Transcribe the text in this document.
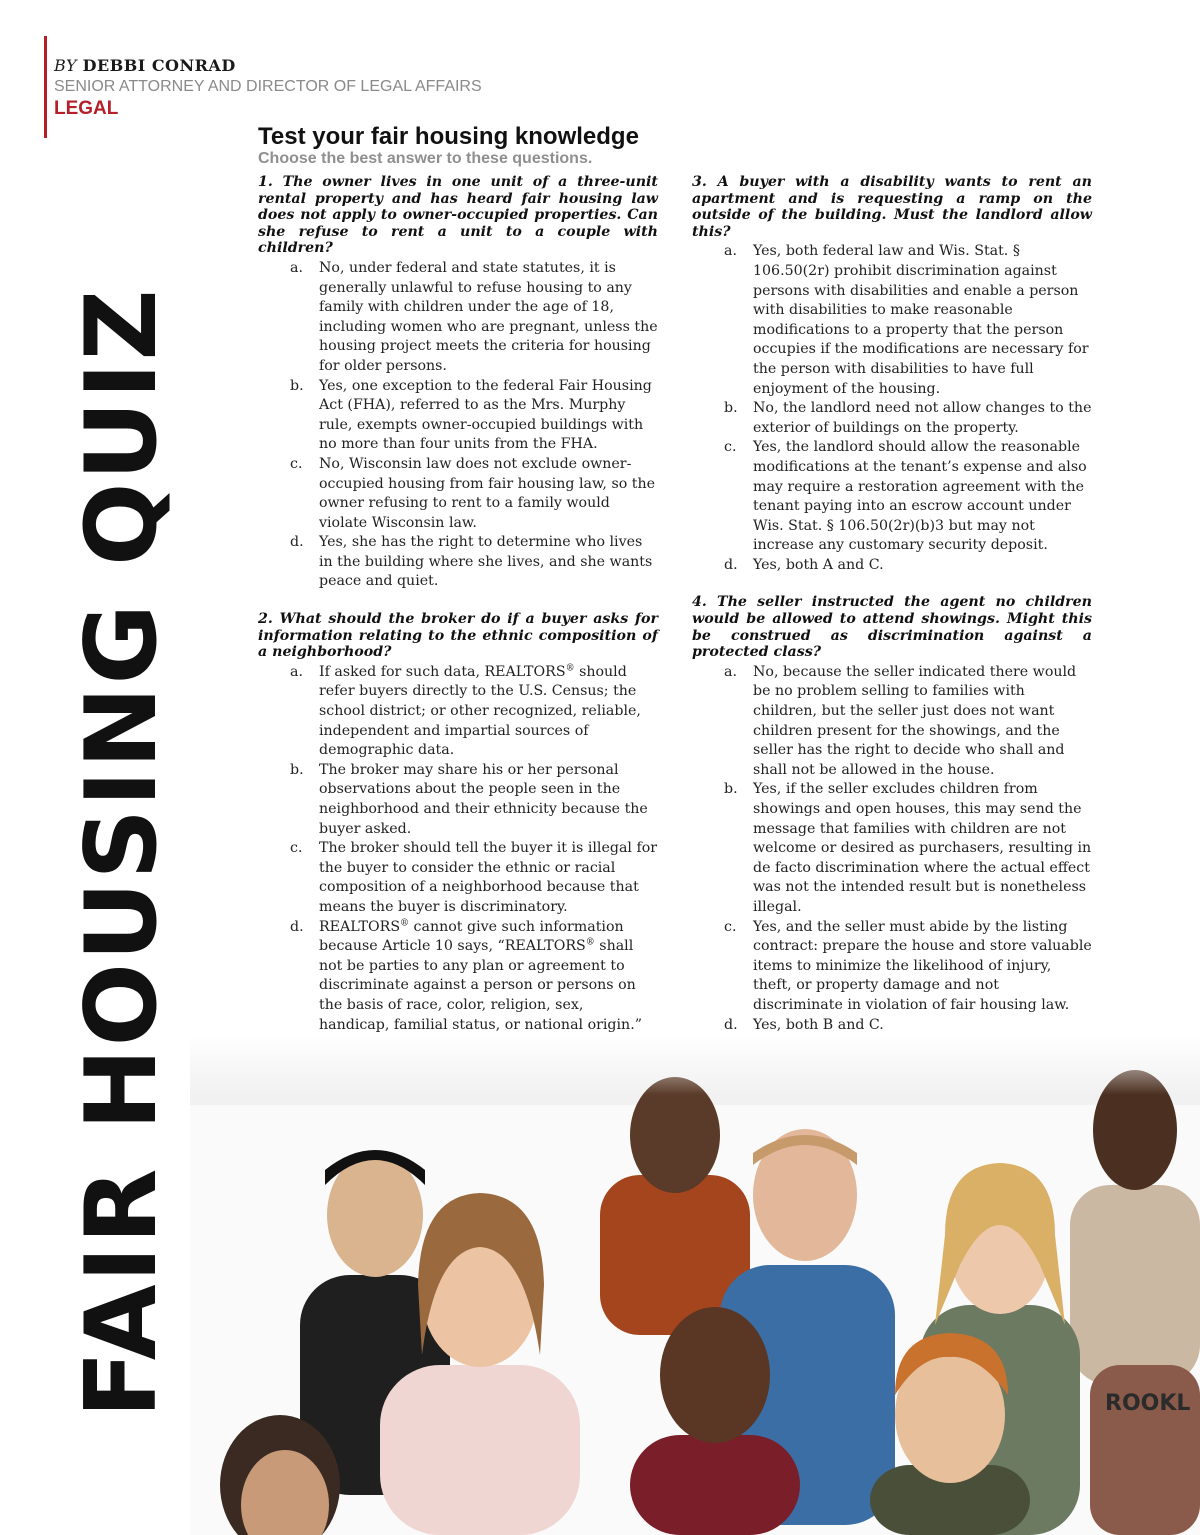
BY DEBBI CONRAD
SENIOR ATTORNEY AND DIRECTOR OF LEGAL AFFAIRS
LEGAL
FAIR HOUSING QUIZ
Test your fair housing knowledge
Choose the best answer to these questions.
1. The owner lives in one unit of a three-unit rental property and has heard fair housing law does not apply to owner-occupied properties. Can she refuse to rent a unit to a couple with children?
a. No, under federal and state statutes, it is generally unlawful to refuse housing to any family with children under the age of 18, including women who are pregnant, unless the housing project meets the criteria for housing for older persons.
b. Yes, one exception to the federal Fair Housing Act (FHA), referred to as the Mrs. Murphy rule, exempts owner-occupied buildings with no more than four units from the FHA.
c. No, Wisconsin law does not exclude owner-occupied housing from fair housing law, so the owner refusing to rent to a family would violate Wisconsin law.
d. Yes, she has the right to determine who lives in the building where she lives, and she wants peace and quiet.
2. What should the broker do if a buyer asks for information relating to the ethnic composition of a neighborhood?
a. If asked for such data, REALTORS® should refer buyers directly to the U.S. Census; the school district; or other recognized, reliable, independent and impartial sources of demographic data.
b. The broker may share his or her personal observations about the people seen in the neighborhood and their ethnicity because the buyer asked.
c. The broker should tell the buyer it is illegal for the buyer to consider the ethnic or racial composition of a neighborhood because that means the buyer is discriminatory.
d. REALTORS® cannot give such information because Article 10 says, “REALTORS® shall not be parties to any plan or agreement to discriminate against a person or persons on the basis of race, color, religion, sex, handicap, familial status, or national origin.”
3. A buyer with a disability wants to rent an apartment and is requesting a ramp on the outside of the building. Must the landlord allow this?
a. Yes, both federal law and Wis. Stat. § 106.50(2r) prohibit discrimination against persons with disabilities and enable a person with disabilities to make reasonable modifications to a property that the person occupies if the modifications are necessary for the person with disabilities to have full enjoyment of the housing.
b. No, the landlord need not allow changes to the exterior of buildings on the property.
c. Yes, the landlord should allow the reasonable modifications at the tenant’s expense and also may require a restoration agreement with the tenant paying into an escrow account under Wis. Stat. § 106.50(2r)(b)3 but may not increase any customary security deposit.
d. Yes, both A and C.
4. The seller instructed the agent no children would be allowed to attend showings. Might this be construed as discrimination against a protected class?
a. No, because the seller indicated there would be no problem selling to families with children, but the seller just does not want children present for the showings, and the seller has the right to decide who shall and shall not be allowed in the house.
b. Yes, if the seller excludes children from showings and open houses, this may send the message that families with children are not welcome or desired as purchasers, resulting in de facto discrimination where the actual effect was not the intended result but is nonetheless illegal.
c. Yes, and the seller must abide by the listing contract: prepare the house and store valuable items to minimize the likelihood of injury, theft, or property damage and not discriminate in violation of fair housing law.
d. Yes, both B and C.
